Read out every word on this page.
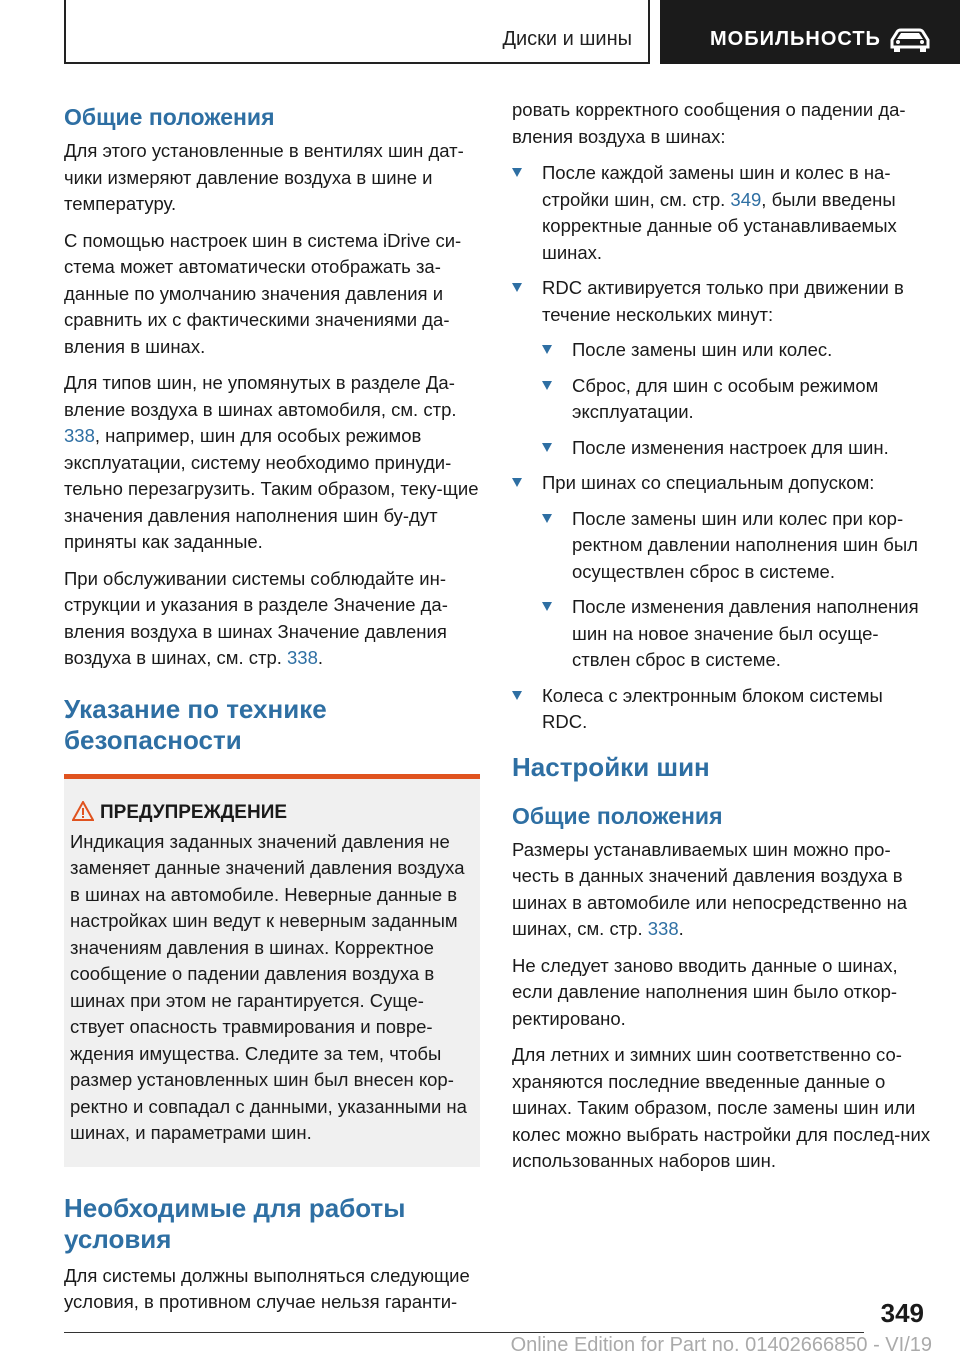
Диски и шины	МОБИЛЬНОСТЬ
Общие положения

Для этого установленные в вентилях шин дат-чики измеряют давление воздуха в шине и температуру.

С помощью настроек шин в система iDrive си-стема может автоматически отображать за-данные по умолчанию значения давления и сравнить их с фактическими значениями да-вления в шинах.

Для типов шин, не упомянутых в разделе Да-вление воздуха в шинах автомобиля, см. стр. 338, например, шин для особых режимов эксплуатации, систему необходимо принуди-тельно перезагрузить. Таким образом, теку-щие значения давления наполнения шин бу-дут приняты как заданные.

При обслуживании системы соблюдайте ин-струкции и указания в разделе Значение да-вления воздуха в шинах Значение давления воздуха в шинах, см. стр. 338.

Указание по технике безопасности
ПРЕДУПРЕЖДЕНИЕ

Индикация заданных значений давления не заменяет данные значений давления воздуха в шинах на автомобиле. Неверные данные в настройках шин ведут к неверным заданным значениям давления в шинах. Корректное сообщение о падении давления воздуха в шинах при этом не гарантируется. Суще-ствует опасность травмирования и повре-ждения имущества. Следите за тем, чтобы размер установленных шин был внесен кор-ректно и совпадал с данными, указанными на шинах, и параметрами шин.

Необходимые для работы условия

Для системы должны выполняться следующие условия, в противном случае нельзя гаранти-

ровать корректного сообщения о падении да-вления воздуха в шинах:

После каждой замены шин и колес в на-стройки шин, см. стр. 349, были введены корректные данные об устанавливаемых шинах.
RDC активируется только при движении в течение нескольких минут:
После замены шин или колес.
Сброс, для шин с особым режимом эксплуатации.
После изменения настроек для шин.
При шинах со специальным допуском:
После замены шин или колес при кор-ректном давлении наполнения шин был осуществлен сброс в системе.
После изменения давления наполнения шин на новое значение был осуще-ствлен сброс в системе.
Колеса с электронным блоком системы RDC.
Настройки шин
Общие положения

Размеры устанавливаемых шин можно про-честь в данных значений давления воздуха в шинах в автомобиле или непосредственно на шинах, см. стр. 338.

Не следует заново вводить данные о шинах, если давление наполнения шин было откор-ректировано.

Для летних и зимних шин соответственно со-храняются последние введенные данные о шинах. Таким образом, после замены шин или колес можно выбрать настройки для послед-них использованных наборов шин.

349
Online Edition for Part no. 01402666850 - VI/19
